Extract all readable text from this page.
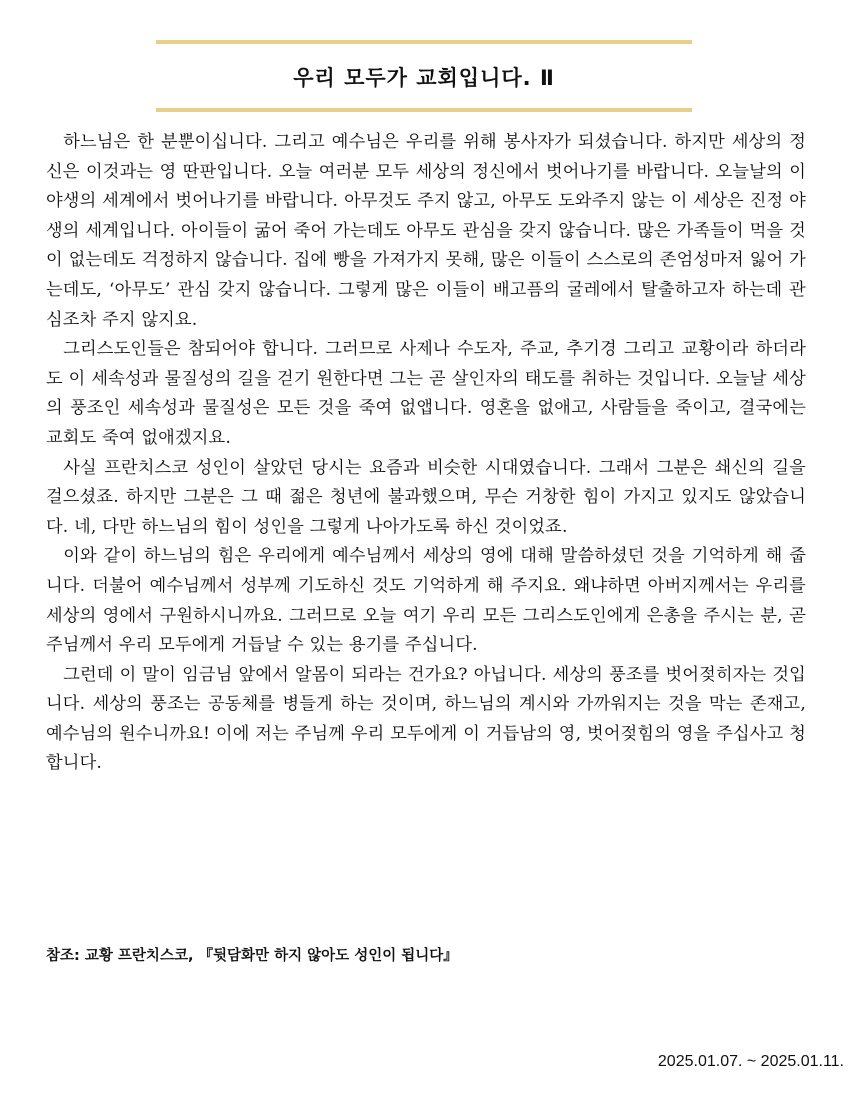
우리 모두가 교회입니다. Ⅱ

하느님은 한 분뿐이십니다. 그리고 예수님은 우리를 위해 봉사자가 되셨습니다. 하지만 세상의 정신은 이것과는 영 딴판입니다. 오늘 여러분 모두 세상의 정신에서 벗어나기를 바랍니다. 오늘날의 이 야생의 세계에서 벗어나기를 바랍니다. 아무것도 주지 않고, 아무도 도와주지 않는 이 세상은 진정 야생의 세계입니다. 아이들이 굶어 죽어 가는데도 아무도 관심을 갖지 않습니다. 많은 가족들이 먹을 것이 없는데도 걱정하지 않습니다. 집에 빵을 가져가지 못해, 많은 이들이 스스로의 존엄성마저 잃어 가는데도, ‘아무도’ 관심 갖지 않습니다. 그렇게 많은 이들이 배고픔의 굴레에서 탈출하고자 하는데 관심조차 주지 않지요.

그리스도인들은 참되어야 합니다. 그러므로 사제나 수도자, 주교, 추기경 그리고 교황이라 하더라도 이 세속성과 물질성의 길을 걷기 원한다면 그는 곧 살인자의 태도를 취하는 것입니다. 오늘날 세상의 풍조인 세속성과 물질성은 모든 것을 죽여 없앱니다. 영혼을 없애고, 사람들을 죽이고, 결국에는 교회도 죽여 없애겠지요.

사실 프란치스코 성인이 살았던 당시는 요즘과 비슷한 시대였습니다. 그래서 그분은 쇄신의 길을 걸으셨죠. 하지만 그분은 그 때 젊은 청년에 불과했으며, 무슨 거창한 힘이 가지고 있지도 않았습니다. 네, 다만 하느님의 힘이 성인을 그렇게 나아가도록 하신 것이었죠.

이와 같이 하느님의 힘은 우리에게 예수님께서 세상의 영에 대해 말씀하셨던 것을 기억하게 해 줍니다. 더불어 예수님께서 성부께 기도하신 것도 기억하게 해 주지요. 왜냐하면 아버지께서는 우리를 세상의 영에서 구원하시니까요. 그러므로 오늘 여기 우리 모든 그리스도인에게 은총을 주시는 분, 곧 주님께서 우리 모두에게 거듭날 수 있는 용기를 주십니다.

그런데 이 말이 임금님 앞에서 알몸이 되라는 건가요? 아닙니다. 세상의 풍조를 벗어젖히자는 것입니다. 세상의 풍조는 공동체를 병들게 하는 것이며, 하느님의 계시와 가까워지는 것을 막는 존재고, 예수님의 원수니까요! 이에 저는 주님께 우리 모두에게 이 거듭남의 영, 벗어젖힘의 영을 주십사고 청합니다.

참조: 교황 프란치스코, 『뒷담화만 하지 않아도 성인이 됩니다』
2025.01.07. ~ 2025.01.11.
